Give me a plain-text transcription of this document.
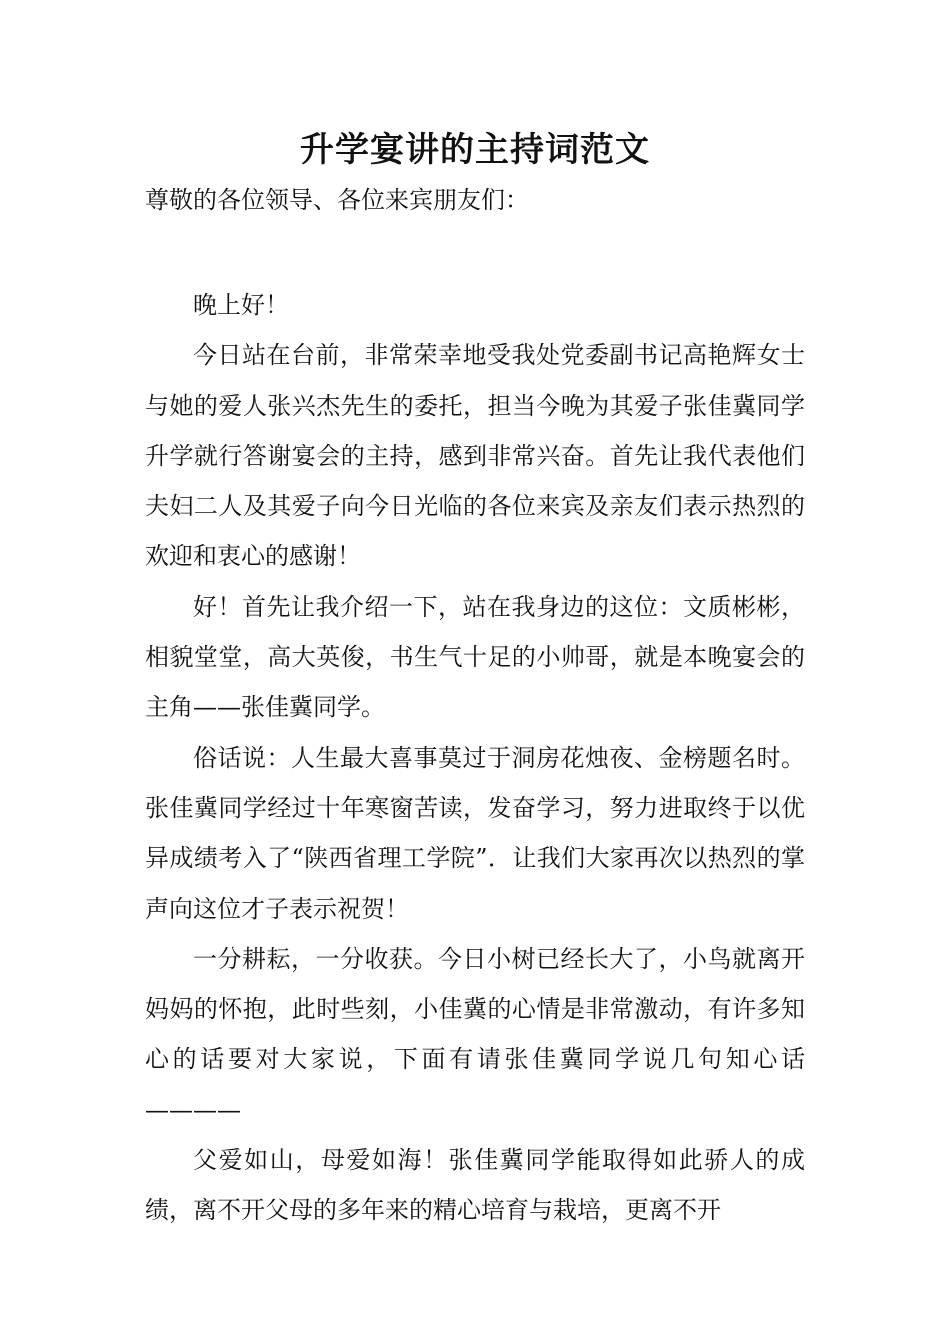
升学宴讲的主持词范文
尊敬的各位领导、各位来宾朋友们：

晚上好！

今日站在台前，非常荣幸地受我处党委副书记高艳辉女士与她的爱人张兴杰先生的委托，担当今晚为其爱子张佳冀同学升学就行答谢宴会的主持，感到非常兴奋。首先让我代表他们夫妇二人及其爱子向今日光临的各位来宾及亲友们表示热烈的欢迎和衷心的感谢！

好！首先让我介绍一下，站在我身边的这位：文质彬彬，相貌堂堂，高大英俊，书生气十足的小帅哥，就是本晚宴会的主角——张佳冀同学。

俗话说：人生最大喜事莫过于洞房花烛夜、金榜题名时。张佳冀同学经过十年寒窗苦读，发奋学习，努力进取终于以优异成绩考入了“陕西省理工学院”．让我们大家再次以热烈的掌声向这位才子表示祝贺！

一分耕耘，一分收获。今日小树已经长大了，小鸟就离开妈妈的怀抱，此时些刻，小佳冀的心情是非常激动，有许多知心的话要对大家说，下面有请张佳冀同学说几句知心话————

父爱如山，母爱如海！张佳冀同学能取得如此骄人的成绩，离不开父母的多年来的精心培育与栽培，更离不开
